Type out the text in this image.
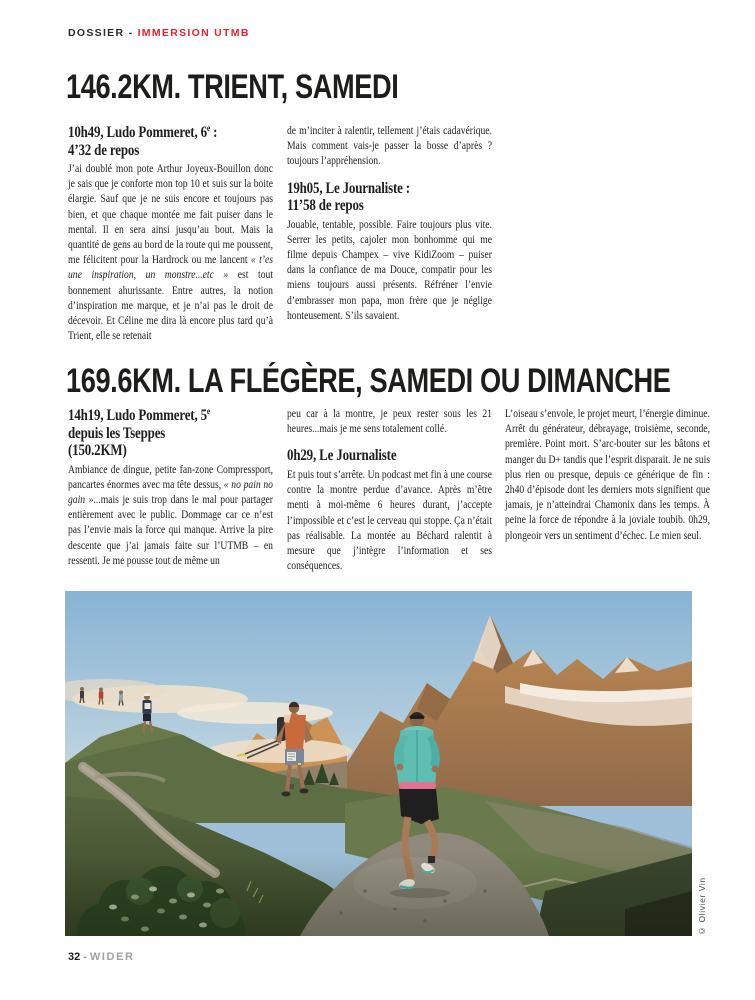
DOSSIER - IMMERSION UTMB
146.2KM. TRIENT, SAMEDI
10h49, Ludo Pommeret, 6e :
4’32 de repos
J’ai doublé mon pote Arthur Joyeux-Bouillon donc je sais que je conforte mon top 10 et suis sur la boite élargie. Sauf que je ne suis encore et toujours pas bien, et que chaque montée me fait puiser dans le mental. Il en sera ainsi jusqu’au bout. Mais la quantité de gens au bord de la route qui me poussent, me félicitent pour la Hardrock ou me lancent « t’es une inspiration, un monstre...etc » est tout bonnement ahurissante. Entre autres, la notion d’inspiration me marque, et je n’ai pas le droit de décevoir. Et Céline me dira là encore plus tard qu’à Trient, elle se retenait
de m’inciter à ralentir, tellement j’étais cadavérique. Mais comment vais-je passer la bosse d’après ? toujours l’appréhension.
19h05, Le Journaliste :
11’58 de repos
Jouable, tentable, possible. Faire toujours plus vite. Serrer les petits, cajoler mon bonhomme qui me filme depuis Champex – vive KidiZoom – puiser dans la confiance de ma Douce, compatir pour les miens toujours aussi présents. Réfréner l’envie d’embrasser mon papa, mon frère que je néglige honteusement. S’ils savaient.
169.6KM. LA FLÉGÈRE, SAMEDI OU DIMANCHE
14h19, Ludo Pommeret, 5e
depuis les Tseppes
(150.2KM)
Ambiance de dingue, petite fan-zone Compressport, pancartes énormes avec ma tête dessus, « no pain no gain »...mais je suis trop dans le mal pour partager entièrement avec le public. Dommage car ce n’est pas l’envie mais la force qui manque. Arrive la pire descente que j’ai jamais faite sur l’UTMB – en ressenti. Je me pousse tout de même un
peu car à la montre, je peux rester sous les 21 heures...mais je me sens totalement collé.
0h29, Le Journaliste
Et puis tout s’arrête. Un podcast met fin à une course contre la montre perdue d’avance. Après m’être menti à moi-même 6 heures durant, j’accepte l’impossible et c’est le cerveau qui stoppe. Ça n’était pas réalisable. La montée au Béchard ralentit à mesure que j’intègre l’information et ses conséquences.
L’oiseau s’envole, le projet meurt, l’énergie diminue. Arrêt du générateur, débrayage, troisième, seconde, première. Point mort. S’arc-bouter sur les bâtons et manger du D+ tandis que l’esprit disparait. Je ne suis plus rien ou presque, depuis ce générique de fin : 2h40 d’épisode dont les derniers mots signifient que jamais, je n’atteindrai Chamonix dans les temps. À peine la force de répondre à la joviale toubib. 0h29, plongeoir vers un sentiment d’échec. Le mien seul.
© Olivier Vin
32 - WIDER
